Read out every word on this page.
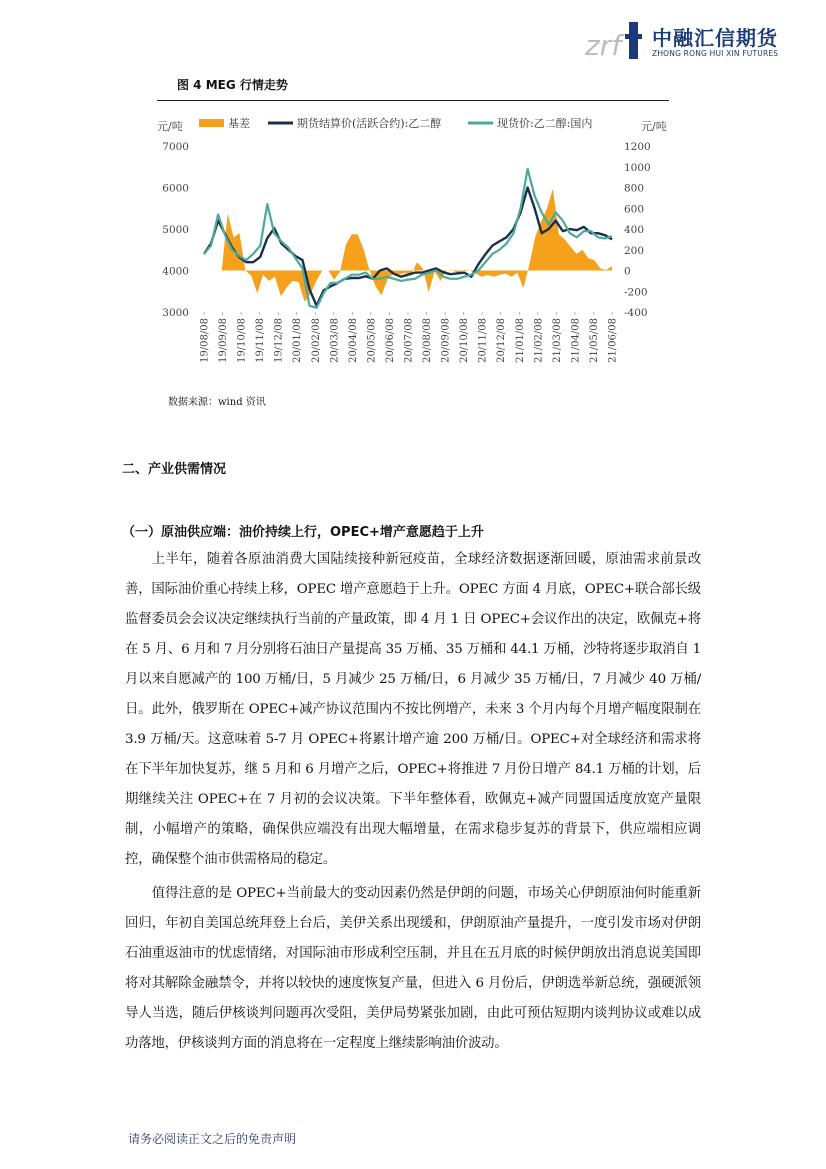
zrf 中融汇信期货
ZHONG RONG HUI XIN FUTURES
图 4 MEG 行情走势
7000
6000
5000
4000
3000
1200
1000
800
600
400
200
0
-200
-400
元/吨	元/吨
19/08/08 19/09/08 19/10/08 19/11/08 19/12/08 20/01/08 20/02/08 20/03/08 20/04/08 20/05/08 20/06/08 20/07/08 20/08/08 20/09/08 20/10/08 20/11/08 20/12/08 21/01/08 21/02/08 21/03/08 21/04/08 21/05/08 21/06/08
基差	期货结算价(活跃合约):乙二醇	现货价:乙二醇:国内
数据来源：wind 资讯
二、产业供需情况
（一）原油供应端：油价持续上行，OPEC+增产意愿趋于上升

上半年，随着各原油消费大国陆续接种新冠疫苗，全球经济数据逐渐回暖，原油需求前景改善，国际油价重心持续上移，OPEC 增产意愿趋于上升。OPEC 方面 4 月底，OPEC+联合部长级监督委员会会议决定继续执行当前的产量政策，即 4 月 1 日 OPEC+会议作出的决定，欧佩克+将在 5 月、6 月和 7 月分别将石油日产量提高 35 万桶、35 万桶和 44.1 万桶，沙特将逐步取消自 1 月以来自愿减产的 100 万桶/日，5 月减少 25 万桶/日，6 月减少 35 万桶/日，7 月减少 40 万桶/日。此外，俄罗斯在 OPEC+减产协议范围内不按比例增产，未来 3 个月内每个月增产幅度限制在 3.9 万桶/天。这意味着 5-7 月 OPEC+将累计增产逾 200 万桶/日。OPEC+对全球经济和需求将在下半年加快复苏，继 5 月和 6 月增产之后，OPEC+将推进 7 月份日增产 84.1 万桶的计划，后期继续关注 OPEC+在 7 月初的会议决策。下半年整体看，欧佩克+减产同盟国适度放宽产量限制，小幅增产的策略，确保供应端没有出现大幅增量，在需求稳步复苏的背景下，供应端相应调控，确保整个油市供需格局的稳定。

值得注意的是 OPEC+当前最大的变动因素仍然是伊朗的问题，市场关心伊朗原油何时能重新回归，年初自美国总统拜登上台后，美伊关系出现缓和，伊朗原油产量提升，一度引发市场对伊朗石油重返油市的忧虑情绪，对国际油市形成利空压制，并且在五月底的时候伊朗放出消息说美国即将对其解除金融禁令，并将以较快的速度恢复产量，但进入 6 月份后，伊朗选举新总统，强硬派领导人当选，随后伊核谈判问题再次受阻，美伊局势紧张加剧，由此可预估短期内谈判协议或难以成功落地，伊核谈判方面的消息将在一定程度上继续影响油价波动。

请务必阅读正文之后的免责声明
